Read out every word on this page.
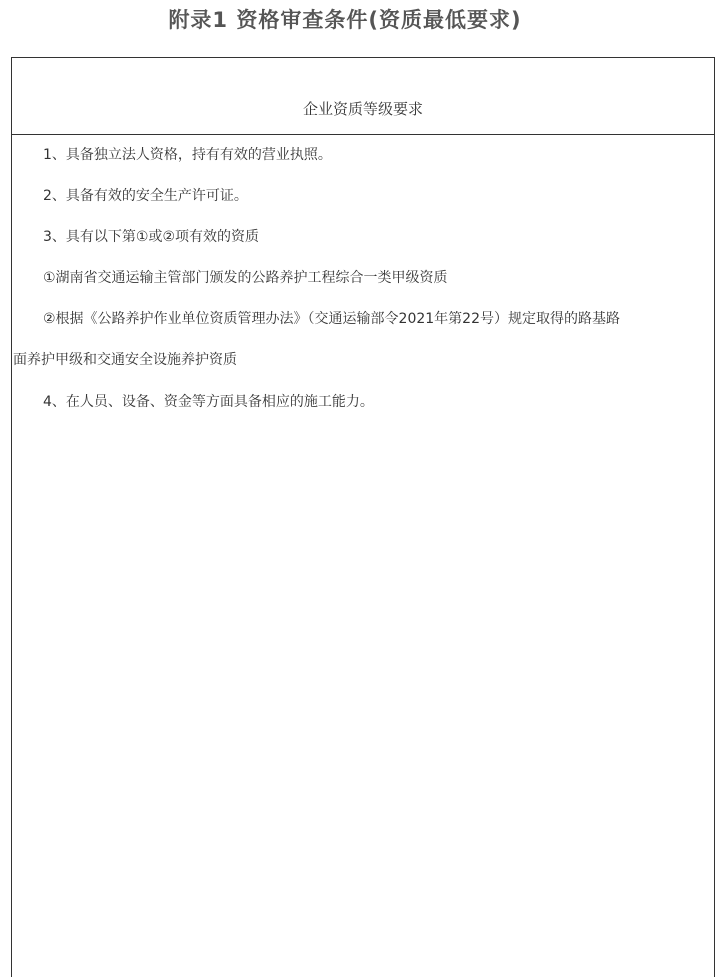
附录1 资格审查条件(资质最低要求)
企业资质等级要求
1、具备独立法人资格，持有有效的营业执照。
2、具备有效的安全生产许可证。
3、具有以下第①或②项有效的资质
①湖南省交通运输主管部门颁发的公路养护工程综合一类甲级资质
②根据《公路养护作业单位资质管理办法》（交通运输部令2021年第22号）规定取得的路基路
面养护甲级和交通安全设施养护资质
4、在人员、设备、资金等方面具备相应的施工能力。
